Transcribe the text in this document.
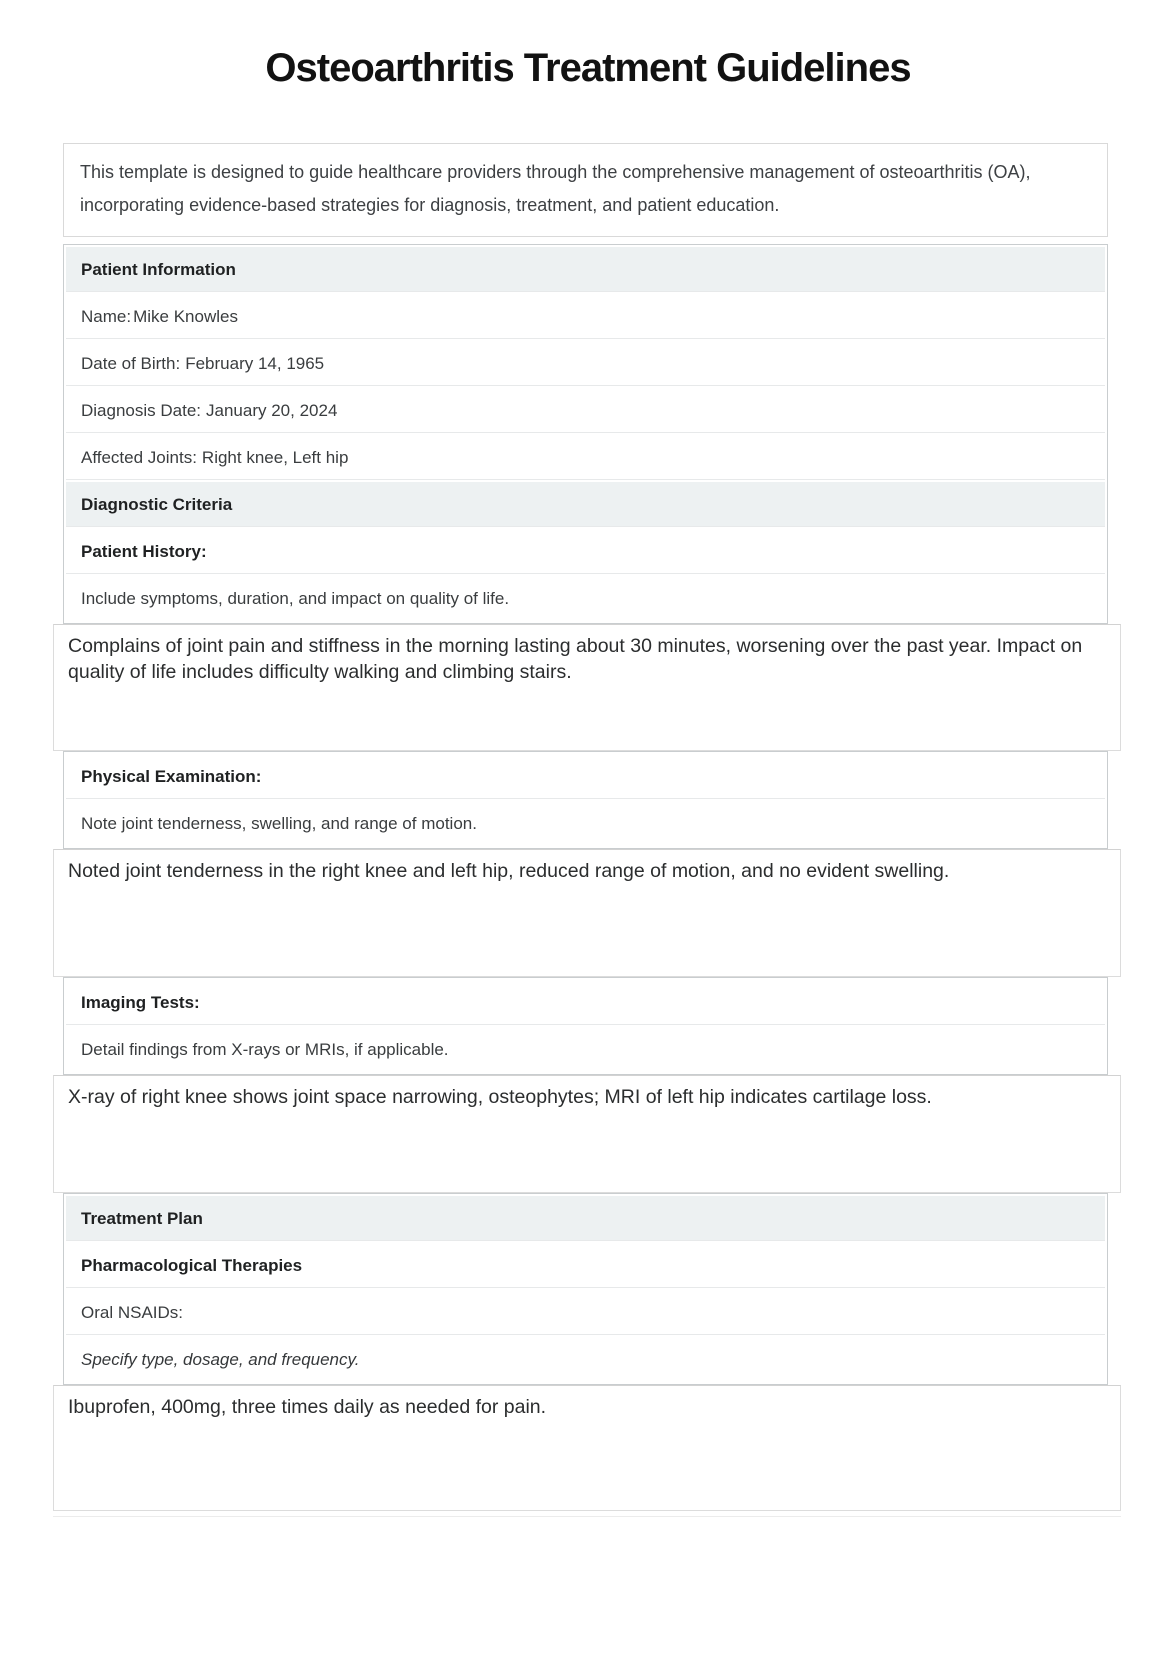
Osteoarthritis Treatment Guidelines
This template is designed to guide healthcare providers through the comprehensive management of osteoarthritis (OA), incorporating evidence-based strategies for diagnosis, treatment, and patient education.
Patient Information
Name: Mike Knowles
Date of Birth: February 14, 1965
Diagnosis Date: January 20, 2024
Affected Joints: Right knee, Left hip
Diagnostic Criteria
Patient History:
Include symptoms, duration, and impact on quality of life.
Complains of joint pain and stiffness in the morning lasting about 30 minutes, worsening over the past year. Impact on quality of life includes difficulty walking and climbing stairs.
Physical Examination:
Note joint tenderness, swelling, and range of motion.
Noted joint tenderness in the right knee and left hip, reduced range of motion, and no evident swelling.
Imaging Tests:
Detail findings from X-rays or MRIs, if applicable.
X-ray of right knee shows joint space narrowing, osteophytes; MRI of left hip indicates cartilage loss.
Treatment Plan
Pharmacological Therapies
Oral NSAIDs:
Specify type, dosage, and frequency.
Ibuprofen, 400mg, three times daily as needed for pain.
